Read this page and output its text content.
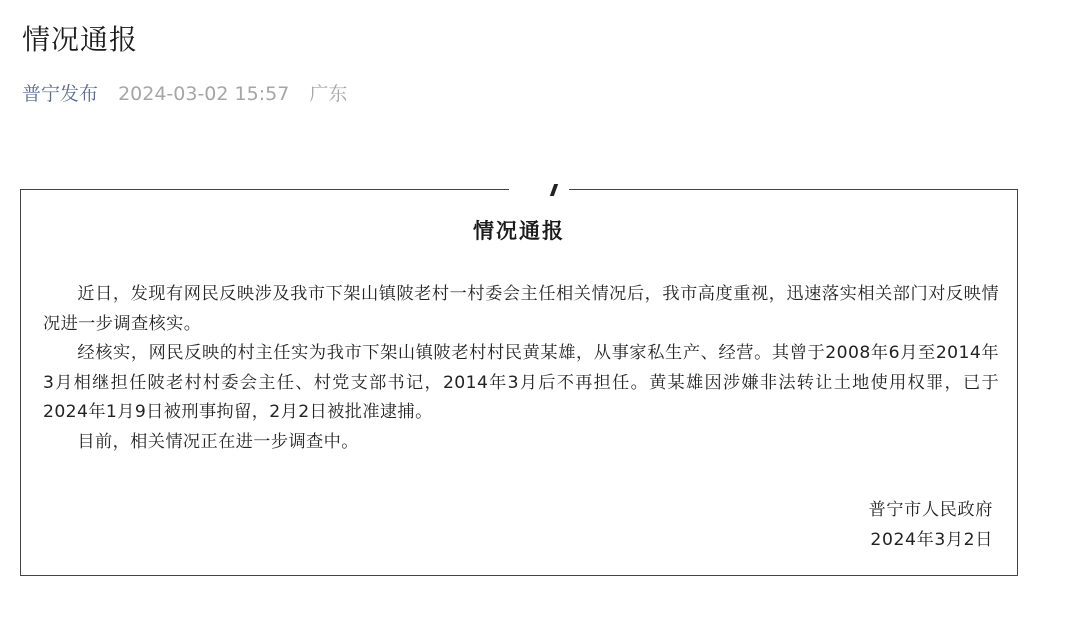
情况通报
普宁发布 2024-03-02 15:57 广东
情况通报

近日，发现有网民反映涉及我市下架山镇陂老村一村委会主任相关情况后，我市高度重视，迅速落实相关部门对反映情况进一步调查核实。

经核实，网民反映的村主任实为我市下架山镇陂老村村民黄某雄，从事家私生产、经营。其曾于2008年6月至2014年3月相继担任陂老村村委会主任、村党支部书记，2014年3月后不再担任。黄某雄因涉嫌非法转让土地使用权罪，已于2024年1月9日被刑事拘留，2月2日被批准逮捕。

目前，相关情况正在进一步调查中。

普宁市人民政府
2024年3月2日
